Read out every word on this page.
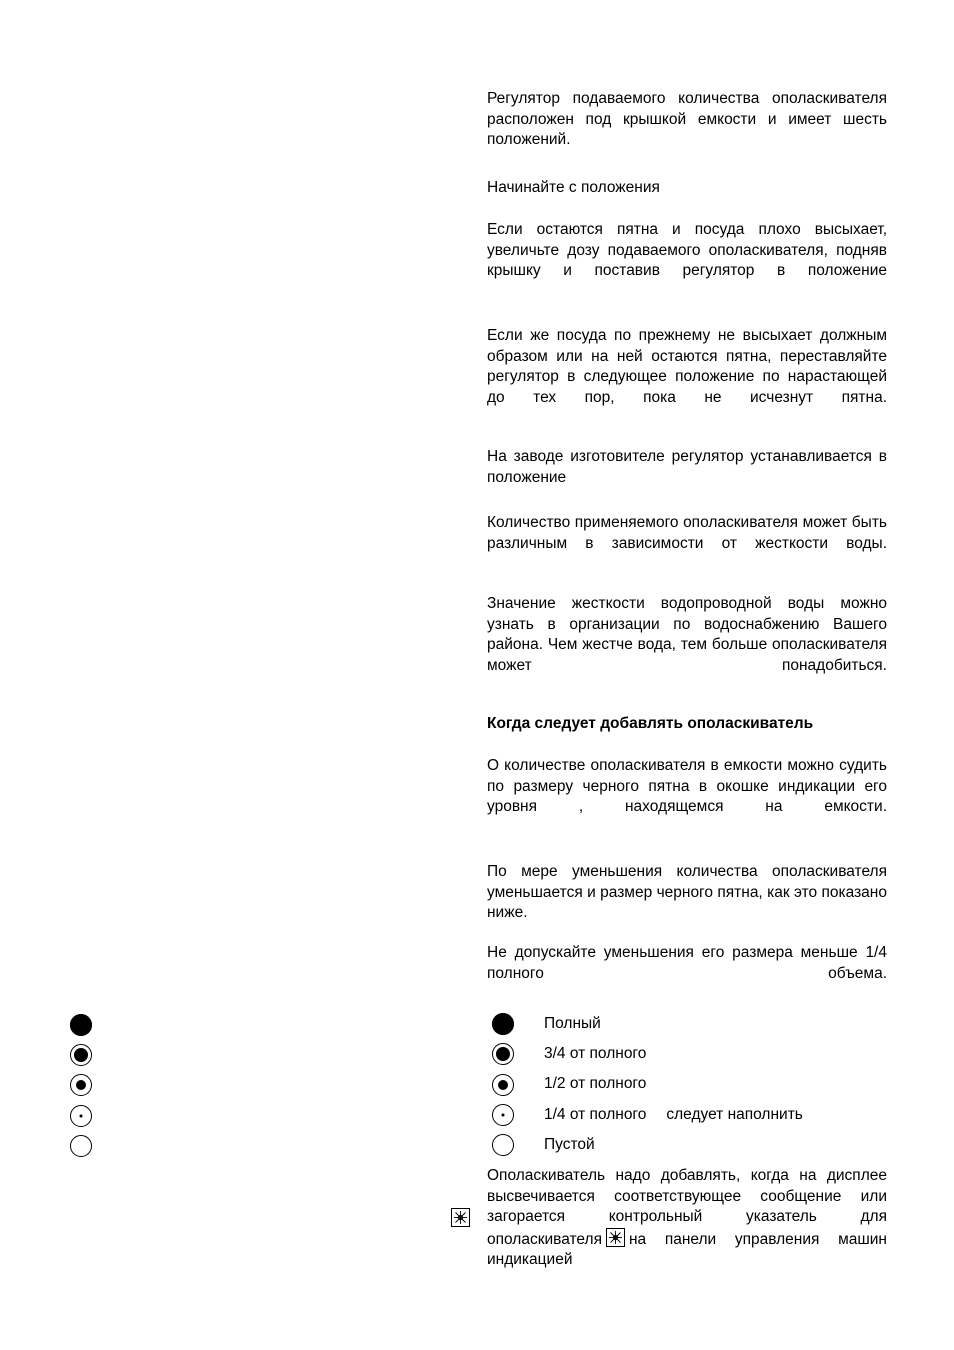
Регулятор подаваемого количества ополаскивателя расположен под крышкой емкости и имеет шесть положений.

Начинайте с положения

Если остаются пятна и посуда плохо высыхает, увеличьте дозу подаваемого ополаскивателя, подняв крышку и поставив регулятор в положение

Если же посуда по прежнему не высыхает должным образом или на ней остаются пятна, переставляйте регулятор в следующее положение по нарастающей до тех пор, пока не исчезнут пятна.

На заводе изготовителе регулятор устанавливается в положение

Количество применяемого ополаскивателя может быть различным в зависимости от жесткости воды.

Значение жесткости водопроводной воды можно узнать в организации по водоснабжению Вашего района. Чем жестче вода, тем больше ополаскивателя может понадобиться.

Когда следует добавлять ополаскиватель

О количестве ополаскивателя в емкости можно судить по размеру черного пятна в окошке индикации его уровня , находящемся на емкости.

По мере уменьшения количества ополаскивателя уменьшается и размер черного пятна, как это показано ниже.

Не допускайте уменьшения его размера меньше 1/4 полного объема.

Полный
3/4 от полного
1/2 от полного
1/4 от полного следует наполнить
Пустой

Ополаскиватель надо добавлять, когда на дисплее высвечивается соответствующее сообщение или загорается контрольный указатель для ополаскивателя на панели управления машин индикацией
